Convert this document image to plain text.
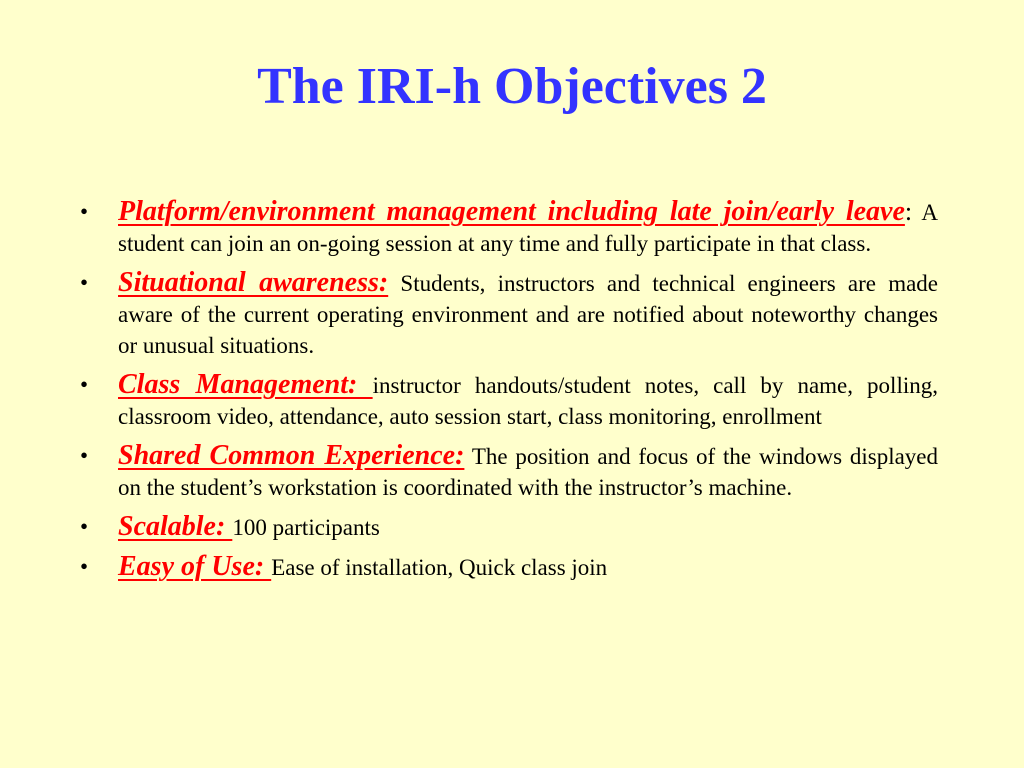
The IRI-h Objectives 2
• Platform/environment management including late join/early leave: A student can join an on-going session at any time and fully participate in that class.
• Situational awareness: Students, instructors and technical engineers are made aware of the current operating environment and are notified about noteworthy changes or unusual situations.
• Class Management: instructor handouts/student notes, call by name, polling, classroom video, attendance, auto session start, class monitoring, enrollment
• Shared Common Experience: The position and focus of the windows displayed on the student’s workstation is coordinated with the instructor’s machine.
• Scalable: 100 participants
• Easy of Use: Ease of installation, Quick class join
